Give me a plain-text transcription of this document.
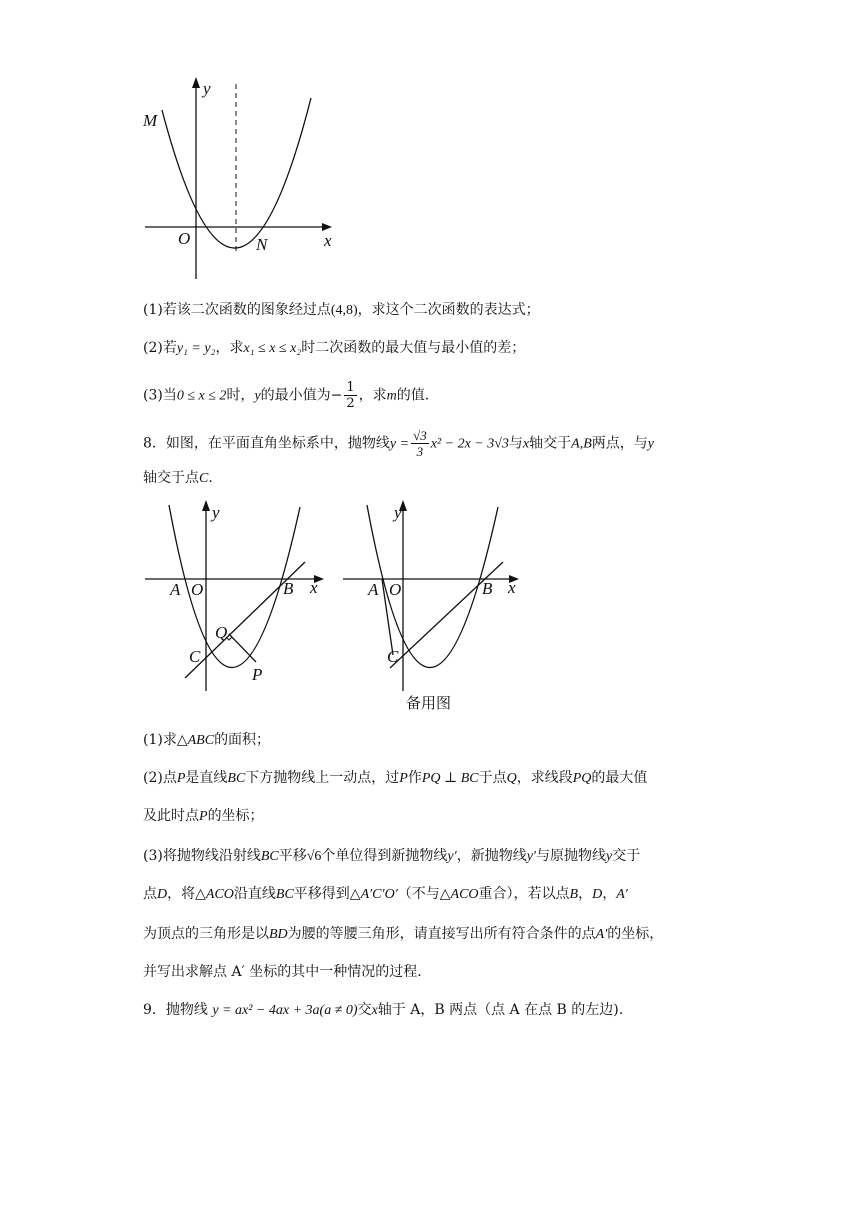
y
x
O
M
N
(1)若该二次函数的图象经过点(4,8)，求这个二次函数的表达式；
(2)若y₁ = y₂，求x₁ ≤ x ≤ x₂时二次函数的最大值与最小值的差；
(3)当0 ≤ x ≤ 2时，y的最小值为− $\frac{1}{2}$ ，求m的值.
8．如图，在平面直角坐标系中，抛物线$y = \frac{√3}{3} x^2 - 2x - 3√3$与x轴交于A,B两点，与y
轴交于点C.
y
x
A O	B
C
Q
P
y
x
A O	B
C
备用图
(1)求△ABC的面积；
(2)点P是直线BC下方抛物线上一动点，过P作PQ ⊥ BC于点Q，求线段PQ的最大值
及此时点P的坐标；
(3)将抛物线沿射线BC平移√6个单位得到新抛物线y′，新抛物线y′与原抛物线y交于
点D，将△ACO沿直线BC平移得到△A′C′O′（不与△ACO重合），若以点B，D，A′
为顶点的三角形是以BD为腰的等腰三角形，请直接写出所有符合条件的点A′的坐标，
并写出求解点 A′ 坐标的其中一种情况的过程.
9．抛物线 y = ax² − 4ax + 3a(a ≠ 0)交x轴于 A，B 两点（点 A 在点 B 的左边).
